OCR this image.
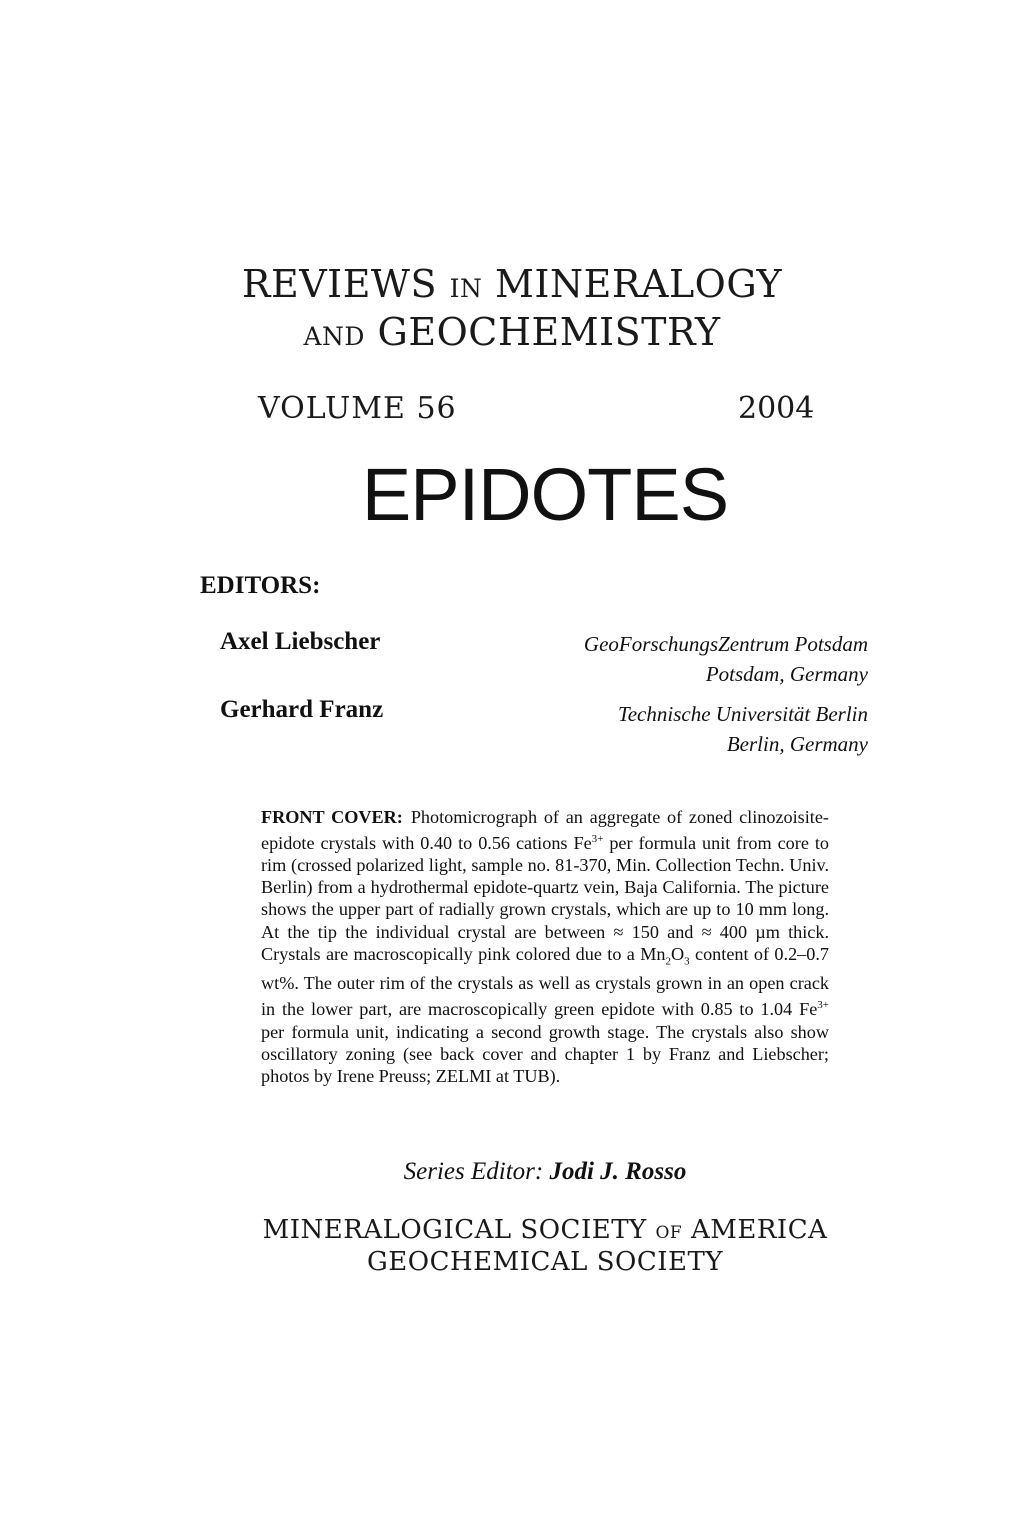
REVIEWS IN MINERALOGY
AND GEOCHEMISTRY
VOLUME 56	2004
EPIDOTES
EDITORS:
Axel Liebscher	GeoForschungsZentrum Potsdam
Potsdam, Germany
Gerhard Franz	Technische Universität Berlin
Berlin, Germany
FRONT COVER: Photomicrograph of an aggregate of zoned clinozoisite-epidote crystals with 0.40 to 0.56 cations $Fe^{3+}$ per formula unit from core to rim (crossed polarized light, sample no. 81-370, Min. Collection Techn. Univ. Berlin) from a hydrothermal epidote-quartz vein, Baja California. The picture shows the upper part of radially grown crystals, which are up to 10 mm long. At the tip the individual crystal are between ≈ 150 and ≈ 400 µm thick. Crystals are macroscopically pink colored due to a $Mn_2O_3$ content of 0.2–0.7 wt%. The outer rim of the crystals as well as crystals grown in an open crack in the lower part, are macroscopically green epidote with 0.85 to 1.04 $Fe^{3+}$ per formula unit, indicating a second growth stage. The crystals also show oscillatory zoning (see back cover and chapter 1 by Franz and Liebscher; photos by Irene Preuss; ZELMI at TUB).
Series Editor: Jodi J. Rosso
MINERALOGICAL SOCIETY OF AMERICA
GEOCHEMICAL SOCIETY
